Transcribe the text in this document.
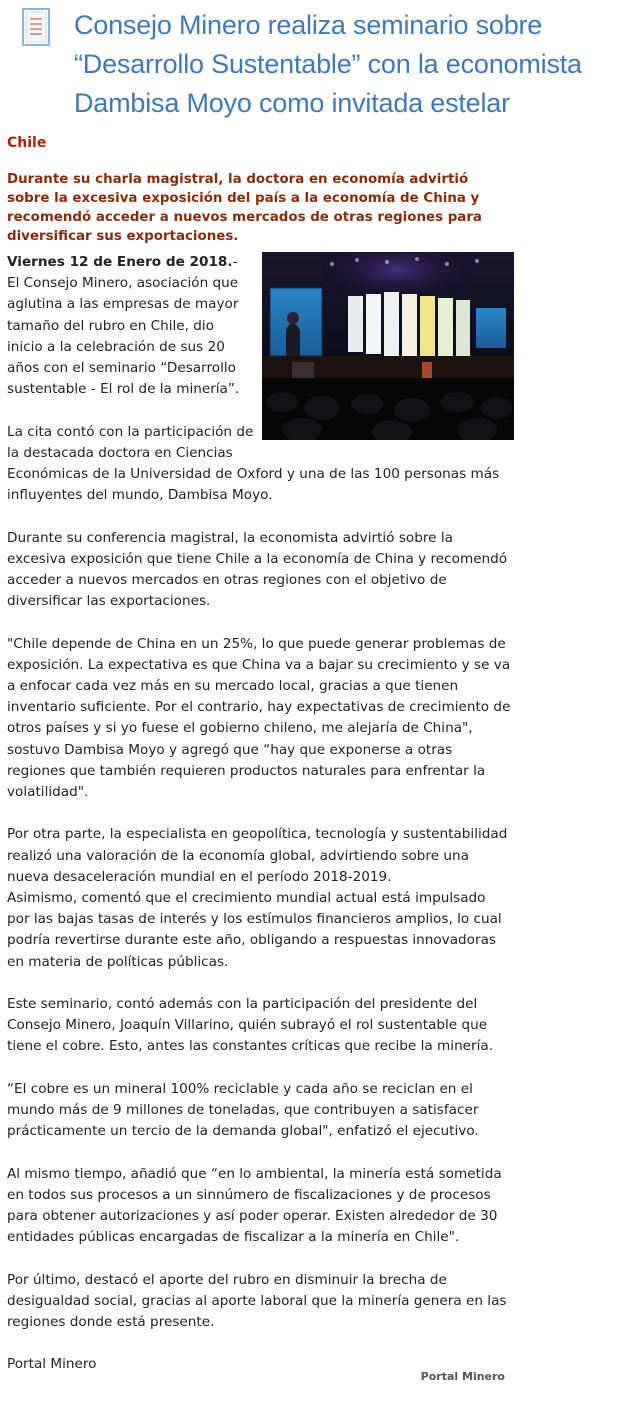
Consejo Minero realiza seminario sobre “Desarrollo Sustentable” con la economista Dambisa Moyo como invitada estelar
Chile

Durante su charla magistral, la doctora en economía advirtió sobre la excesiva exposición del país a la economía de China y recomendó acceder a nuevos mercados de otras regiones para diversificar sus exportaciones.

Viernes 12 de Enero de 2018.- El Consejo Minero, asociación que aglutina a las empresas de mayor tamaño del rubro en Chile, dio inicio a la celebración de sus 20 años con el seminario “Desarrollo sustentable - El rol de la minería”.

La cita contó con la participación de la destacada doctora en Ciencias Económicas de la Universidad de Oxford y una de las 100 personas más influyentes del mundo, Dambisa Moyo.

Durante su conferencia magistral, la economista advirtió sobre la excesiva exposición que tiene Chile a la economía de China y recomendó acceder a nuevos mercados en otras regiones con el objetivo de diversificar las exportaciones.

"Chile depende de China en un 25%, lo que puede generar problemas de exposición. La expectativa es que China va a bajar su crecimiento y se va a enfocar cada vez más en su mercado local, gracias a que tienen inventario suficiente. Por el contrario, hay expectativas de crecimiento de otros países y si yo fuese el gobierno chileno, me alejaría de China", sostuvo Dambisa Moyo y agregó que “hay que exponerse a otras regiones que también requieren productos naturales para enfrentar la volatilidad".

Por otra parte, la especialista en geopolítica, tecnología y sustentabilidad realizó una valoración de la economía global, advirtiendo sobre una nueva desaceleración mundial en el período 2018-2019.
Asimismo, comentó que el crecimiento mundial actual está impulsado por las bajas tasas de interés y los estímulos financieros amplios, lo cual podría revertirse durante este año, obligando a respuestas innovadoras en materia de políticas públicas.

Este seminario, contó además con la participación del presidente del Consejo Minero, Joaquín Villarino, quién subrayó el rol sustentable que tiene el cobre. Esto, antes las constantes críticas que recibe la minería.

“El cobre es un mineral 100% reciclable y cada año se reciclan en el mundo más de 9 millones de toneladas, que contribuyen a satisfacer prácticamente un tercio de la demanda global", enfatizó el ejecutivo.

Al mismo tiempo, añadió que “en lo ambiental, la minería está sometida en todos sus procesos a un sinnúmero de fiscalizaciones y de procesos para obtener autorizaciones y así poder operar. Existen alrededor de 30 entidades públicas encargadas de fiscalizar a la minería en Chile".

Por último, destacó el aporte del rubro en disminuir la brecha de desigualdad social, gracias al aporte laboral que la minería genera en las regiones donde está presente.

Portal Minero

Portal Minero
